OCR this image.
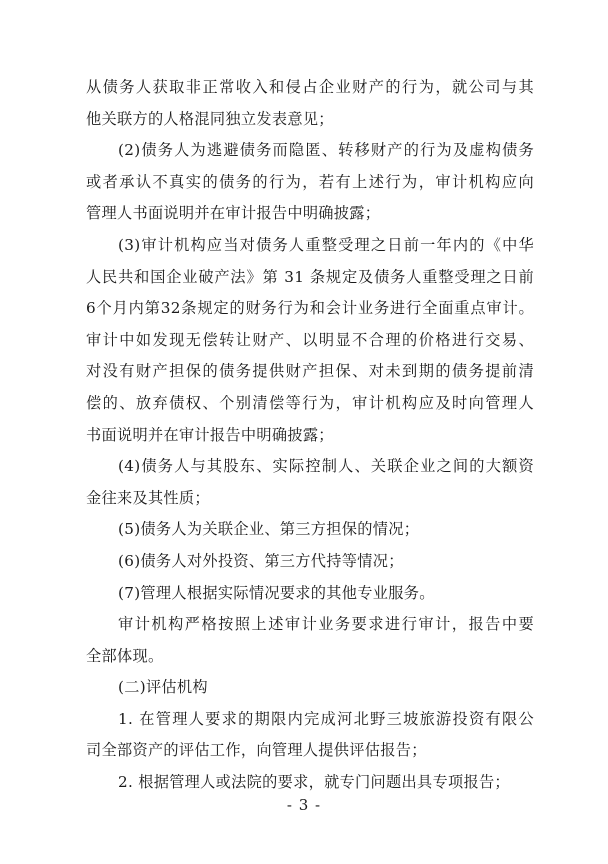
从债务人获取非正常收入和侵占企业财产的行为，就公司与其
他关联方的人格混同独立发表意见；
(2)债务人为逃避债务而隐匿、转移财产的行为及虚构债务
或者承认不真实的债务的行为，若有上述行为，审计机构应向
管理人书面说明并在审计报告中明确披露；
(3)审计机构应当对债务人重整受理之日前一年内的《中华
人民共和国企业破产法》第 31 条规定及债务人重整受理之日前
6个月内第32条规定的财务行为和会计业务进行全面重点审计。
审计中如发现无偿转让财产、以明显不合理的价格进行交易、
对没有财产担保的债务提供财产担保、对未到期的债务提前清
偿的、放弃债权、个别清偿等行为，审计机构应及时向管理人
书面说明并在审计报告中明确披露；
(4)债务人与其股东、实际控制人、关联企业之间的大额资
金往来及其性质；
(5)债务人为关联企业、第三方担保的情况；
(6)债务人对外投资、第三方代持等情况；
(7)管理人根据实际情况要求的其他专业服务。
审计机构严格按照上述审计业务要求进行审计，报告中要
全部体现。
(二)评估机构
1. 在管理人要求的期限内完成河北野三坡旅游投资有限公
司全部资产的评估工作，向管理人提供评估报告；
2. 根据管理人或法院的要求，就专门问题出具专项报告；
- 3 -
